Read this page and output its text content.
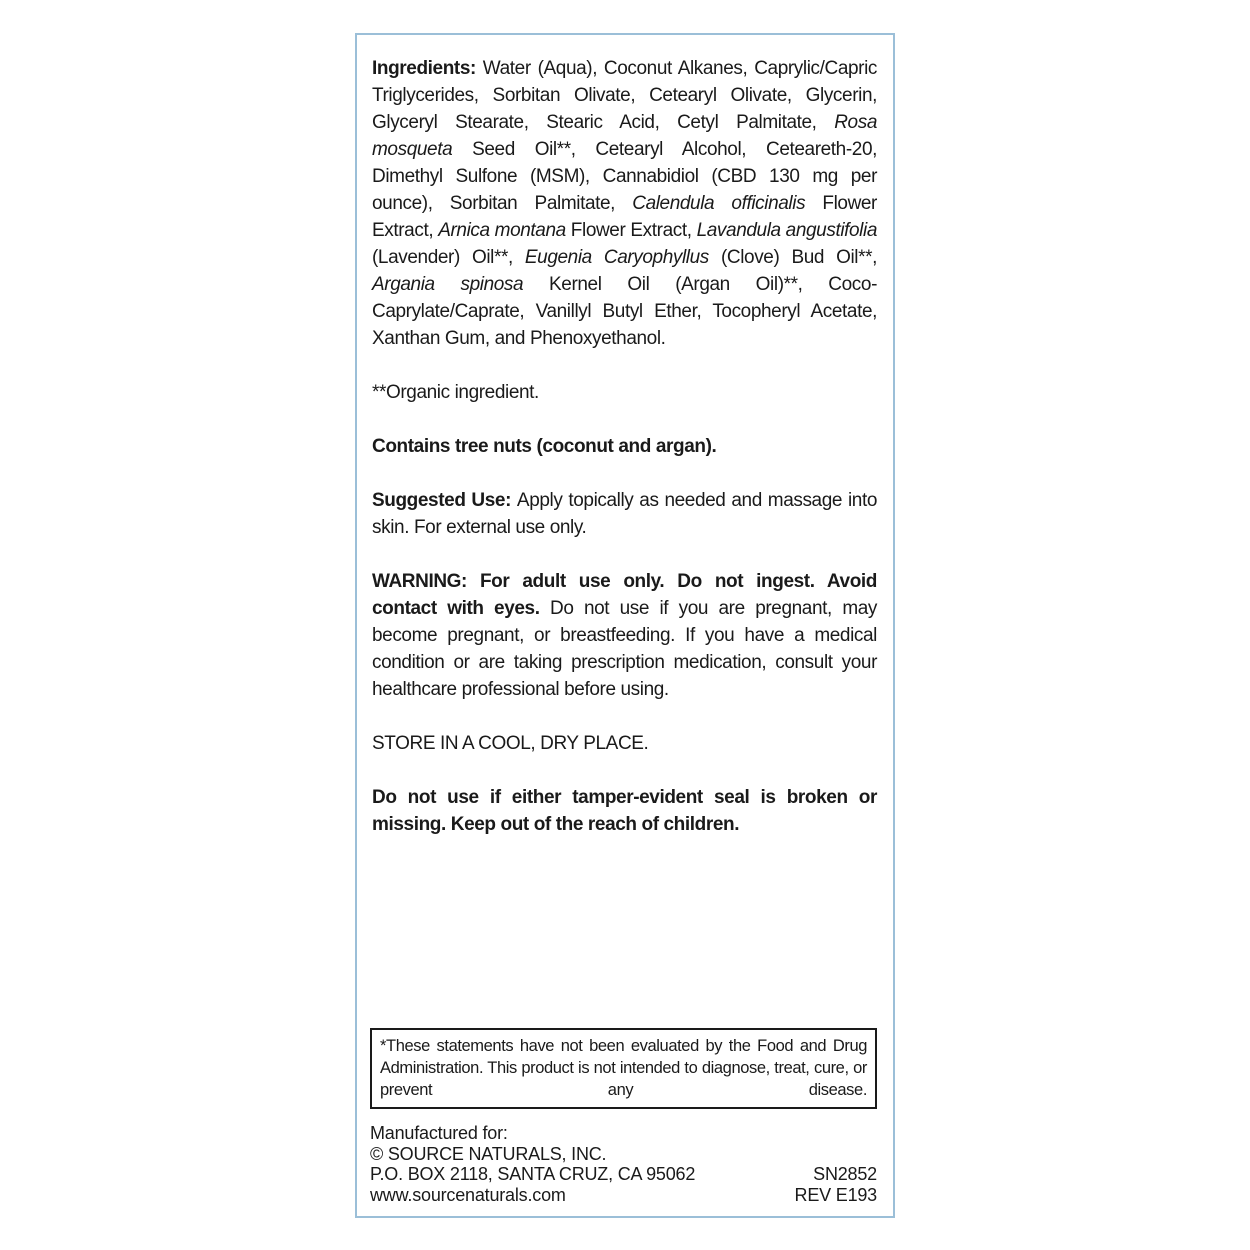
Ingredients: Water (Aqua), Coconut Alkanes, Caprylic/Capric Triglycerides, Sorbitan Olivate, Cetearyl Olivate, Glycerin, Glyceryl Stearate, Stearic Acid, Cetyl Palmitate, Rosa mosqueta Seed Oil**, Cetearyl Alcohol, Ceteareth-20, Dimethyl Sulfone (MSM), Cannabidiol (CBD 130 mg per ounce), Sorbitan Palmitate, Calendula officinalis Flower Extract, Arnica montana Flower Extract, Lavandula angustifolia (Lavender) Oil**, Eugenia Caryophyllus (Clove) Bud Oil**, Argania spinosa Kernel Oil (Argan Oil)**, Coco-Caprylate/Caprate, Vanillyl Butyl Ether, Tocopheryl Acetate, Xanthan Gum, and Phenoxyethanol.

**Organic ingredient.

Contains tree nuts (coconut and argan).

Suggested Use: Apply topically as needed and massage into skin. For external use only.

WARNING: For adult use only. Do not ingest. Avoid contact with eyes. Do not use if you are pregnant, may become pregnant, or breastfeeding. If you have a medical condition or are taking prescription medication, consult your healthcare professional before using.

STORE IN A COOL, DRY PLACE.

Do not use if either tamper-evident seal is broken or missing. Keep out of the reach of children.

*These statements have not been evaluated by the Food and Drug Administration. This product is not intended to diagnose, treat, cure, or prevent any disease.
Manufactured for:
© SOURCE NATURALS, INC.
P.O. BOX 2118, SANTA CRUZ, CA 95062
www.sourcenaturals.com
SN2852
REV E193
